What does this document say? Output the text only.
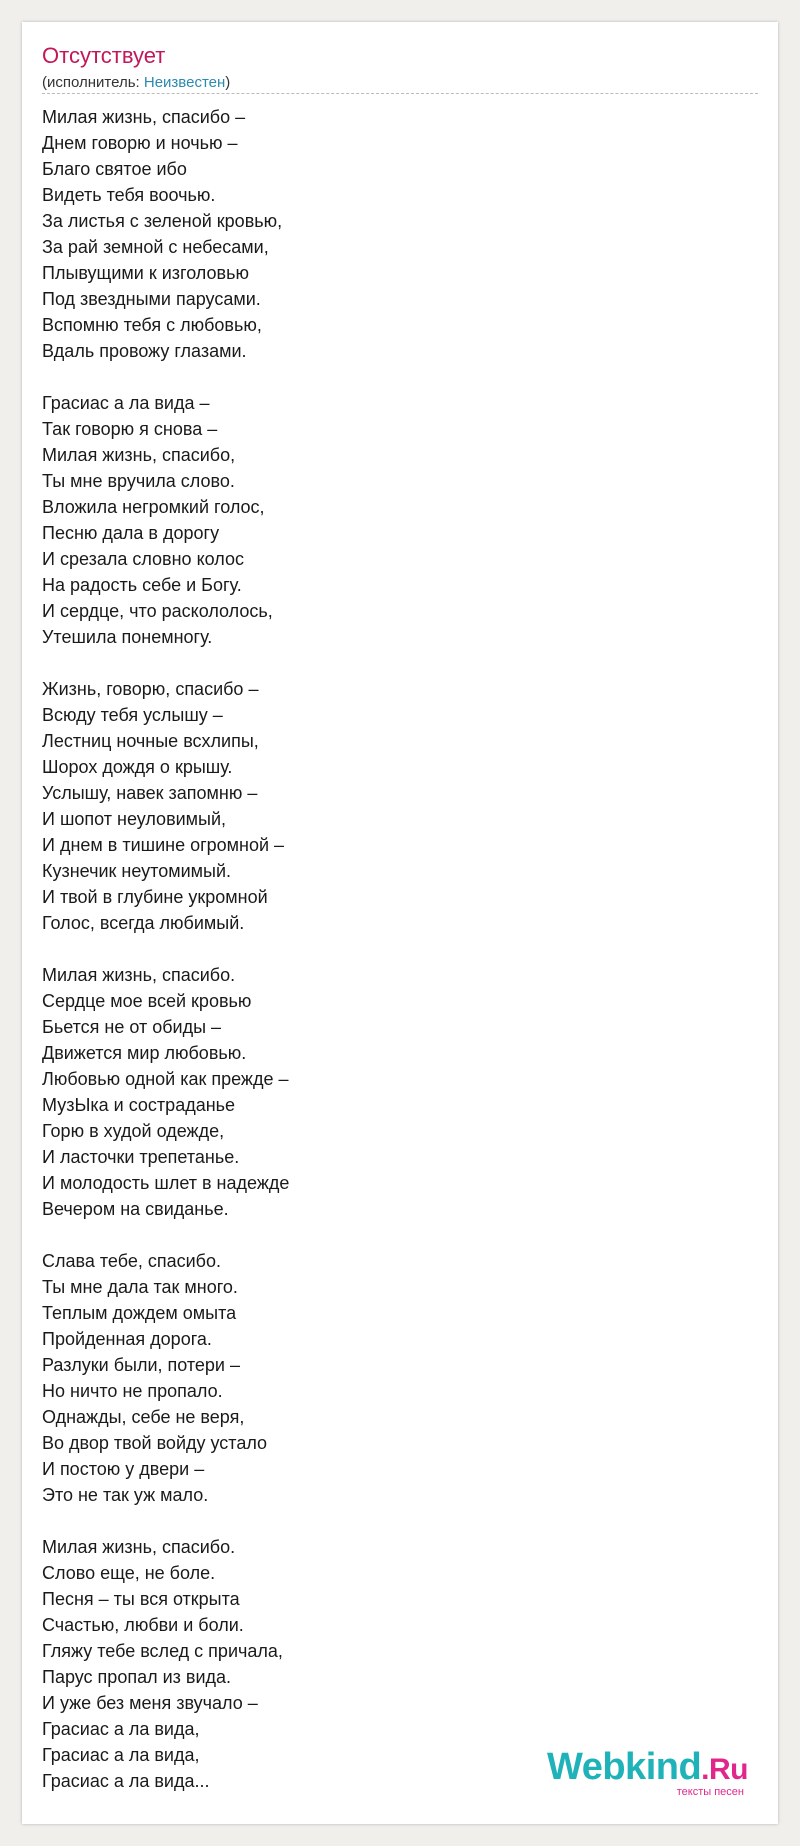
Отсутствует
(исполнитель: Неизвестен)
Милая жизнь, спасибо –
Днем говорю и ночью –
Благо святое ибо
Видеть тебя воочью.
За листья с зеленой кровью,
За рай земной с небесами,
Плывущими к изголовью
Под звездными парусами.
Вспомню тебя с любовью,
Вдаль провожу глазами.
Грасиас а ла вида –
Так говорю я снова –
Милая жизнь, спасибо,
Ты мне вручила слово.
Вложила негромкий голос,
Песню дала в дорогу
И срезала словно колос
На радость себе и Богу.
И сердце, что раскололось,
Утешила понемногу.
Жизнь, говорю, спасибо –
Всюду тебя услышу –
Лестниц ночные всхлипы,
Шорох дождя о крышу.
Услышу, навек запомню –
И шопот неуловимый,
И днем в тишине огромной –
Кузнечик неутомимый.
И твой в глубине укромной
Голос, всегда любимый.
Милая жизнь, спасибо.
Сердце мое всей кровью
Бьется не от обиды –
Движется мир любовью.
Любовью одной как прежде –
МузЫка и состраданье
Горю в худой одежде,
И ласточки трепетанье.
И молодость шлет в надежде
Вечером на свиданье.
Слава тебе, спасибо.
Ты мне дала так много.
Теплым дождем омыта
Пройденная дорога.
Разлуки были, потери –
Но ничто не пропало.
Однажды, себе не веря,
Во двор твой войду устало
И постою у двери –
Это не так уж мало.
Милая жизнь, спасибо.
Слово еще, не боле.
Песня – ты вся открыта
Счастью, любви и боли.
Гляжу тебе вслед с причала,
Парус пропал из вида.
И уже без меня звучало –
Грасиас а ла вида,
Грасиас а ла вида,
Грасиас а ла вида...	Webkind.Ru
тексты песен
